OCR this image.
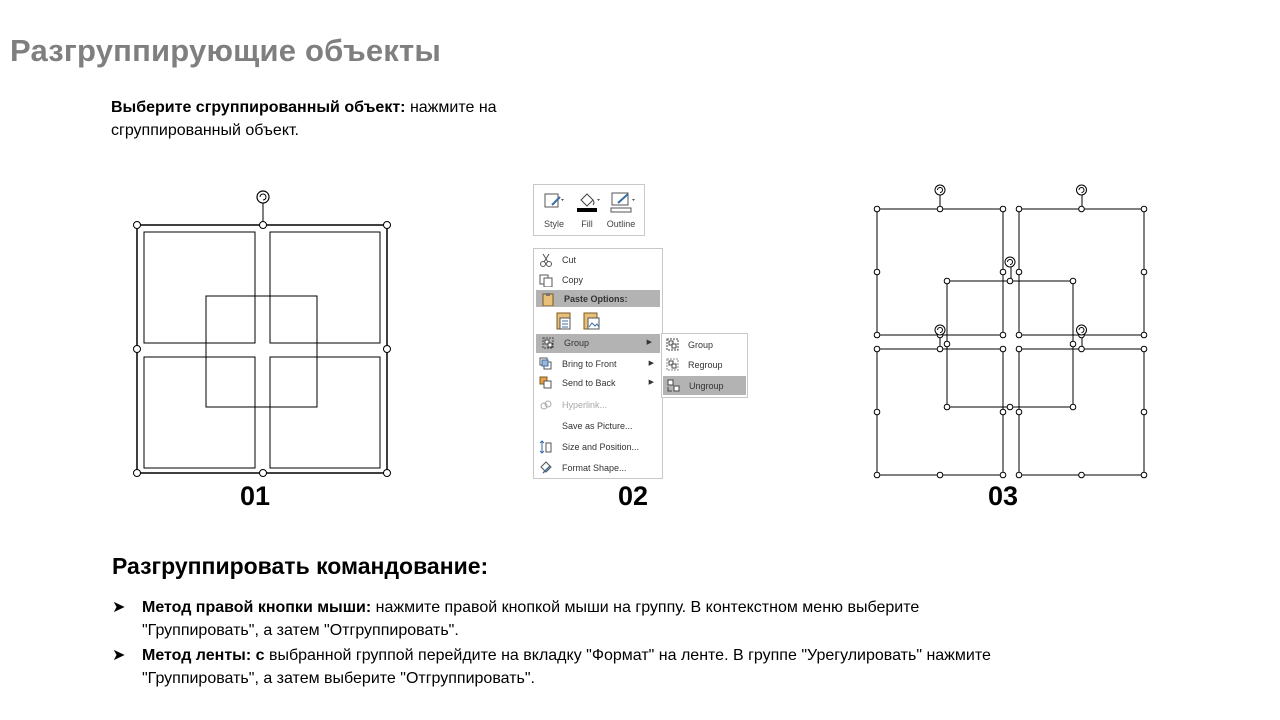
Разгруппирующие объекты
Выберите сгруппированный объект: нажмите на сгруппированный объект.
01
Style	Fill	Outline
Cut
Copy
Paste Options:
Group	▶
Bring to Front	▶
Send to Back	▶
Hyperlink...
Save as Picture...
Size and Position...
Format Shape...
Group
Regroup
Ungroup
02	03
Разгруппировать командование:
➤	Метод правой кнопки мыши: нажмите правой кнопкой мыши на группу. В контекстном меню выберите "Группировать", а затем "Отгруппировать".
➤	Метод ленты: с выбранной группой перейдите на вкладку "Формат" на ленте. В группе "Урегулировать" нажмите "Группировать", а затем выберите "Отгруппировать".
